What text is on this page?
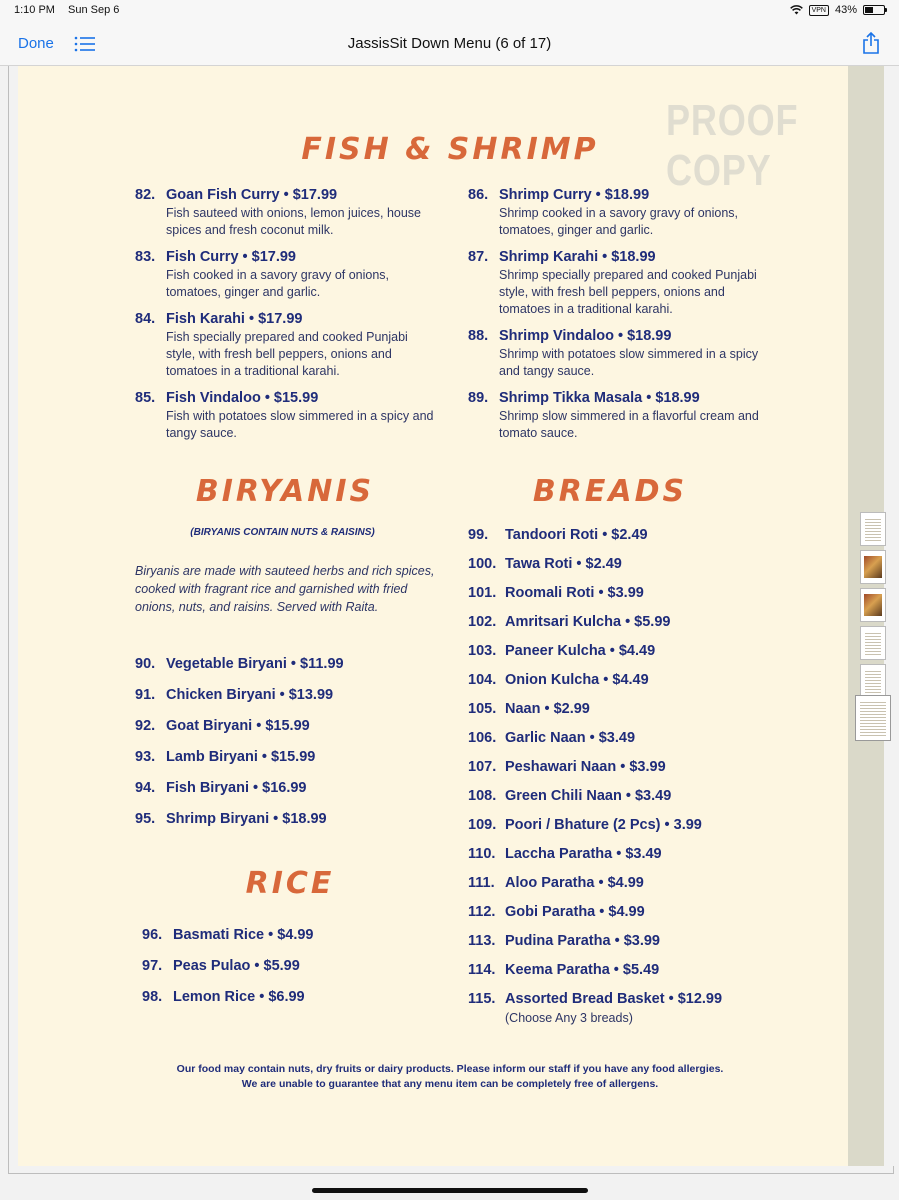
1:10 PM Sun Sep 6	VPN 43%
Done	JassisSit Down Menu (6 of 17)
PROOF COPY
FISH & SHRIMP
82. Goan Fish Curry • $17.99
Fish sauteed with onions, lemon juices, house spices and fresh coconut milk.
83. Fish Curry • $17.99
Fish cooked in a savory gravy of onions, tomatoes, ginger and garlic.
84. Fish Karahi • $17.99
Fish specially prepared and cooked Punjabi style, with fresh bell peppers, onions and tomatoes in a traditional karahi.
85. Fish Vindaloo • $15.99
Fish with potatoes slow simmered in a spicy and tangy sauce.
86. Shrimp Curry • $18.99
Shrimp cooked in a savory gravy of onions, tomatoes, ginger and garlic.
87. Shrimp Karahi • $18.99
Shrimp specially prepared and cooked Punjabi style, with fresh bell peppers, onions and tomatoes in a traditional karahi.
88. Shrimp Vindaloo • $18.99
Shrimp with potatoes slow simmered in a spicy and tangy sauce.
89. Shrimp Tikka Masala • $18.99
Shrimp slow simmered in a flavorful cream and tomato sauce.
BIRYANIS
(BIRYANIS CONTAIN NUTS & RAISINS)
Biryanis are made with sauteed herbs and rich spices, cooked with fragrant rice and garnished with fried onions, nuts, and raisins. Served with Raita.
90. Vegetable Biryani • $11.99
91. Chicken Biryani • $13.99
92. Goat Biryani • $15.99
93. Lamb Biryani • $15.99
94. Fish Biryani • $16.99
95. Shrimp Biryani • $18.99
RICE
96. Basmati Rice • $4.99
97. Peas Pulao • $5.99
98. Lemon Rice • $6.99
BREADS
99. Tandoori Roti • $2.49
100. Tawa Roti • $2.49
101. Roomali Roti • $3.99
102. Amritsari Kulcha • $5.99
103. Paneer Kulcha • $4.49
104. Onion Kulcha • $4.49
105. Naan • $2.99
106. Garlic Naan • $3.49
107. Peshawari Naan • $3.99
108. Green Chili Naan • $3.49
109. Poori / Bhature (2 Pcs) • 3.99
110. Laccha Paratha • $3.49
111. Aloo Paratha • $4.99
112. Gobi Paratha • $4.99
113. Pudina Paratha • $3.99
114. Keema Paratha • $5.49
115. Assorted Bread Basket • $12.99
(Choose Any 3 breads)
Our food may contain nuts, dry fruits or dairy products. Please inform our staff if you have any food allergies.
We are unable to guarantee that any menu item can be completely free of allergens.
